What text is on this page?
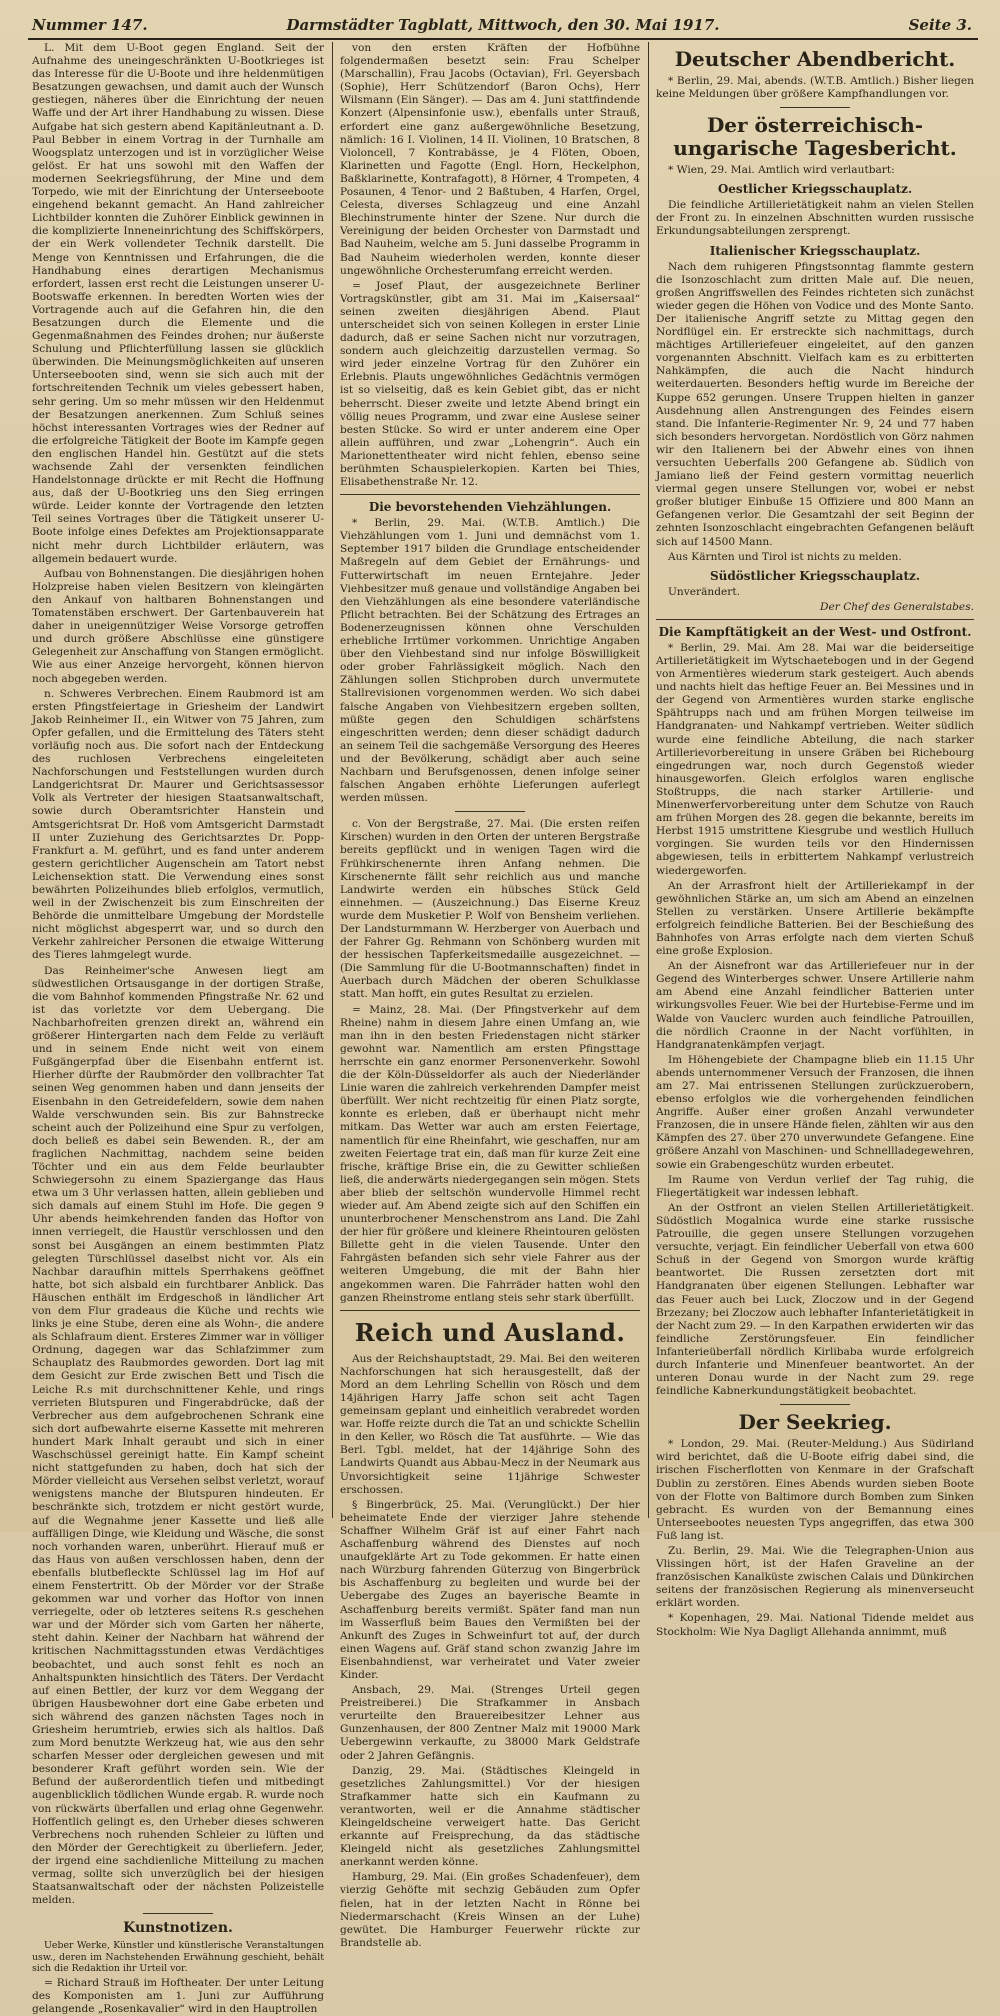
Nummer 147.	Darmstädter Tagblatt, Mittwoch, den 30. Mai 1917.	Seite 3.

L. Mit dem U-Boot gegen England. Seit der Aufnahme des uneingeschränkten U-Bootkrieges ist das Interesse für die U-Boote und ihre heldenmütigen Besatzungen gewachsen, und damit auch der Wunsch gestiegen, näheres über die Einrichtung der neuen Waffe und der Art ihrer Handhabung zu wissen. Diese Aufgabe hat sich gestern abend Kapitänleutnant a. D. Paul Bebber in einem Vortrag in der Turnhalle am Woogsplatz unterzogen und ist in vorzüglicher Weise gelöst. Er hat uns sowohl mit den Waffen der modernen Seekriegsführung, der Mine und dem Torpedo, wie mit der Einrichtung der Unterseeboote eingehend bekannt gemacht. An Hand zahlreicher Lichtbilder konnten die Zuhörer Einblick gewinnen in die komplizierte Inneneinrichtung des Schiffskörpers, der ein Werk vollendeter Technik darstellt. Die Menge von Kenntnissen und Erfahrungen, die die Handhabung eines derartigen Mechanismus erfordert, lassen erst recht die Leistungen unserer U-Bootswaffe erkennen. In beredten Worten wies der Vortragende auch auf die Gefahren hin, die den Besatzungen durch die Elemente und die Gegenmaßnahmen des Feindes drohen; nur äußerste Schulung und Pflichterfüllung lassen sie glücklich überwinden. Die Meinungsmöglichkeiten auf unseren Unterseebooten sind, wenn sie sich auch mit der fortschreitenden Technik um vieles gebessert haben, sehr gering. Um so mehr müssen wir den Heldenmut der Besatzungen anerkennen. Zum Schluß seines höchst interessanten Vortrages wies der Redner auf die erfolgreiche Tätigkeit der Boote im Kampfe gegen den englischen Handel hin. Gestützt auf die stets wachsende Zahl der versenkten feindlichen Handelstonnage drückte er mit Recht die Hoffnung aus, daß der U-Bootkrieg uns den Sieg erringen würde. Leider konnte der Vortragende den letzten Teil seines Vortrages über die Tätigkeit unserer U-Boote infolge eines Defektes am Projektionsapparate nicht mehr durch Lichtbilder erläutern, was allgemein bedauert wurde.

Aufbau von Bohnenstangen. Die diesjährigen hohen Holzpreise haben vielen Besitzern von kleingärten den Ankauf von haltbaren Bohnenstangen und Tomatenstäben erschwert. Der Gartenbauverein hat daher in uneigennütziger Weise Vorsorge getroffen und durch größere Abschlüsse eine günstigere Gelegenheit zur Anschaffung von Stangen ermöglicht. Wie aus einer Anzeige hervorgeht, können hiervon noch abgegeben werden.

n. Schweres Verbrechen. Einem Raubmord ist am ersten Pfingstfeiertage in Griesheim der Landwirt Jakob Reinheimer II., ein Witwer von 75 Jahren, zum Opfer gefallen, und die Ermittelung des Täters steht vorläufig noch aus. Die sofort nach der Entdeckung des ruchlosen Verbrechens eingeleiteten Nachforschungen und Feststellungen wurden durch Landgerichtsrat Dr. Maurer und Gerichtsassessor Volk als Vertreter der hiesigen Staatsanwaltschaft, sowie durch Oberamtsrichter Hanstein und Amtsgerichtsrat Dr. Hoß vom Amtsgericht Darmstadt II unter Zuziehung des Gerichtsarztes Dr. Popp-Frankfurt a. M. geführt, und es fand unter anderem gestern gerichtlicher Augenschein am Tatort nebst Leichensektion statt. Die Verwendung eines sonst bewährten Polizeihundes blieb erfolglos, vermutlich, weil in der Zwischenzeit bis zum Einschreiten der Behörde die unmittelbare Umgebung der Mordstelle nicht möglichst abgesperrt war, und so durch den Verkehr zahlreicher Personen die etwaige Witterung des Tieres lahmgelegt wurde.

Das Reinheimer'sche Anwesen liegt am südwestlichen Ortsausgange in der dortigen Straße, die vom Bahnhof kommenden Pfingstraße Nr. 62 und ist das vorletzte vor dem Uebergang. Die Nachbarhofreiten grenzen direkt an, während ein größerer Hintergarten nach dem Felde zu verläuft und in seinem Ende nicht weit von einem Fußgängerpfad über die Eisenbahn entfernt ist. Hierher dürfte der Raubmörder den vollbrachter Tat seinen Weg genommen haben und dann jenseits der Eisenbahn in den Getreidefeldern, sowie dem nahen Walde verschwunden sein. Bis zur Bahnstrecke scheint auch der Polizeihund eine Spur zu verfolgen, doch beließ es dabei sein Bewenden. R., der am fraglichen Nachmittag, nachdem seine beiden Töchter und ein aus dem Felde beurlaubter Schwiegersohn zu einem Spaziergange das Haus etwa um 3 Uhr verlassen hatten, allein geblieben und sich damals auf einem Stuhl im Hofe. Die gegen 9 Uhr abends heimkehrenden fanden das Hoftor von innen verriegelt, die Haustür verschlossen und den sonst bei Ausgängen an einem bestimmten Platz gelegten Türschlüssel daselbst nicht vor. Als ein Nachbar daraufhin mittels Sperrhakens geöffnet hatte, bot sich alsbald ein furchtbarer Anblick. Das Häuschen enthält im Erdgeschoß in ländlicher Art von dem Flur gradeaus die Küche und rechts wie links je eine Stube, deren eine als Wohn-, die andere als Schlafraum dient. Ersteres Zimmer war in völliger Ordnung, dagegen war das Schlafzimmer zum Schauplatz des Raubmordes geworden. Dort lag mit dem Gesicht zur Erde zwischen Bett und Tisch die Leiche R.s mit durchschnittener Kehle, und rings verrieten Blutspuren und Fingerabdrücke, daß der Verbrecher aus dem aufgebrochenen Schrank eine sich dort aufbewahrte eiserne Kassette mit mehreren hundert Mark Inhalt geraubt und sich in einer Waschschüssel gereinigt hatte. Ein Kampf scheint nicht stattgefunden zu haben, doch hat sich der Mörder vielleicht aus Versehen selbst verletzt, worauf wenigstens manche der Blutspuren hindeuten. Er beschränkte sich, trotzdem er nicht gestört wurde, auf die Wegnahme jener Kassette und ließ alle auffälligen Dinge, wie Kleidung und Wäsche, die sonst noch vorhanden waren, unberührt. Hierauf muß er das Haus von außen verschlossen haben, denn der ebenfalls blutbefleckte Schlüssel lag im Hof auf einem Fenstertritt. Ob der Mörder vor der Straße gekommen war und vorher das Hoftor von innen verriegelte, oder ob letzteres seitens R.s geschehen war und der Mörder sich vom Garten her näherte, steht dahin. Keiner der Nachbarn hat während der kritischen Nachmittagsstunden etwas Verdächtiges beobachtet, und auch sonst fehlt es noch an Anhaltspunkten hinsichtlich des Täters. Der Verdacht auf einen Bettler, der kurz vor dem Weggang der übrigen Hausbewohner dort eine Gabe erbeten und sich während des ganzen nächsten Tages noch in Griesheim herumtrieb, erwies sich als haltlos. Daß zum Mord benutzte Werkzeug hat, wie aus den sehr scharfen Messer oder dergleichen gewesen und mit besonderer Kraft geführt worden sein. Wie der Befund der außerordentlich tiefen und mitbedingt augenblicklich tödlichen Wunde ergab. R. wurde noch von rückwärts überfallen und erlag ohne Gegenwehr. Hoffentlich gelingt es, den Urheber dieses schweren Verbrechens noch ruhenden Schleier zu lüften und den Mörder der Gerechtigkeit zu überliefern. Jeder, der irgend eine sachdienliche Mitteilung zu machen vermag, sollte sich unverzüglich bei der hiesigen Staatsanwaltschaft oder der nächsten Polizeistelle melden.

Kunstnotizen.

Ueber Werke, Künstler und künstlerische Veranstaltungen usw., deren im Nachstehenden Erwähnung geschieht, behält sich die Redaktion ihr Urteil vor.

= Richard Strauß im Hoftheater. Der unter Leitung des Komponisten am 1. Juni zur Aufführung gelangende „Rosenkavalier“ wird in den Hauptrollen

von den ersten Kräften der Hofbühne folgendermaßen besetzt sein: Frau Schelper (Marschallin), Frau Jacobs (Octavian), Frl. Geyersbach (Sophie), Herr Schützendorf (Baron Ochs), Herr Wilsmann (Ein Sänger). — Das am 4. Juni stattfindende Konzert (Alpensinfonie usw.), ebenfalls unter Strauß, erfordert eine ganz außergewöhnliche Besetzung, nämlich: 16 I. Violinen, 14 II. Violinen, 10 Bratschen, 8 Violoncell, 7 Kontrabässe, je 4 Flöten, Oboen, Klarinetten und Fagotte (Engl. Horn, Heckelphon, Baßklarinette, Kontrafagott), 8 Hörner, 4 Trompeten, 4 Posaunen, 4 Tenor- und 2 Baßtuben, 4 Harfen, Orgel, Celesta, diverses Schlagzeug und eine Anzahl Blechinstrumente hinter der Szene. Nur durch die Vereinigung der beiden Orchester von Darmstadt und Bad Nauheim, welche am 5. Juni dasselbe Programm in Bad Nauheim wiederholen werden, konnte dieser ungewöhnliche Orchesterumfang erreicht werden.

= Josef Plaut, der ausgezeichnete Berliner Vortragskünstler, gibt am 31. Mai im „Kaisersaal“ seinen zweiten diesjährigen Abend. Plaut unterscheidet sich von seinen Kollegen in erster Linie dadurch, daß er seine Sachen nicht nur vorzutragen, sondern auch gleichzeitig darzustellen vermag. So wird jeder einzelne Vortrag für den Zuhörer ein Erlebnis. Plauts ungewöhnliches Gedächtnis vermögen ist so vielseitig, daß es kein Gebiet gibt, das er nicht beherrscht. Dieser zweite und letzte Abend bringt ein völlig neues Programm, und zwar eine Auslese seiner besten Stücke. So wird er unter anderem eine Oper allein aufführen, und zwar „Lohengrin“. Auch ein Marionettentheater wird nicht fehlen, ebenso seine berühmten Schauspielerkopien. Karten bei Thies, Elisabethenstraße Nr. 12.

Die bevorstehenden Viehzählungen.

* Berlin, 29. Mai. (W.T.B. Amtlich.) Die Viehzählungen vom 1. Juni und demnächst vom 1. September 1917 bilden die Grundlage entscheidender Maßregeln auf dem Gebiet der Ernährungs- und Futterwirtschaft im neuen Erntejahre. Jeder Viehbesitzer muß genaue und vollständige Angaben bei den Viehzählungen als eine besondere vaterländische Pflicht betrachten. Bei der Schätzung des Ertrages an Bodenerzeugnissen können ohne Verschulden erhebliche Irrtümer vorkommen. Unrichtige Angaben über den Viehbestand sind nur infolge Böswilligkeit oder grober Fahrlässigkeit möglich. Nach den Zählungen sollen Stichproben durch unvermutete Stallrevisionen vorgenommen werden. Wo sich dabei falsche Angaben von Viehbesitzern ergeben sollten, müßte gegen den Schuldigen schärfstens eingeschritten werden; denn dieser schädigt dadurch an seinem Teil die sachgemäße Versorgung des Heeres und der Bevölkerung, schädigt aber auch seine Nachbarn und Berufsgenossen, denen infolge seiner falschen Angaben erhöhte Lieferungen auferlegt werden müssen.

c. Von der Bergstraße, 27. Mai. (Die ersten reifen Kirschen) wurden in den Orten der unteren Bergstraße bereits gepflückt und in wenigen Tagen wird die Frühkirschenernte ihren Anfang nehmen. Die Kirschenernte fällt sehr reichlich aus und manche Landwirte werden ein hübsches Stück Geld einnehmen. — (Auszeichnung.) Das Eiserne Kreuz wurde dem Musketier P. Wolf von Bensheim verliehen. Der Landsturmmann W. Herzberger von Auerbach und der Fahrer Gg. Rehmann von Schönberg wurden mit der hessischen Tapferkeitsmedaille ausgezeichnet. — (Die Sammlung für die U-Bootmannschaften) findet in Auerbach durch Mädchen der oberen Schulklasse statt. Man hofft, ein gutes Resultat zu erzielen.

= Mainz, 28. Mai. (Der Pfingstverkehr auf dem Rheine) nahm in diesem Jahre einen Umfang an, wie man ihn in den besten Friedenstagen nicht stärker gewohnt war. Namentlich am ersten Pfingsttage herrschte ein ganz enormer Personenverkehr. Sowohl die der Köln-Düsseldorfer als auch der Niederländer Linie waren die zahlreich verkehrenden Dampfer meist überfüllt. Wer nicht rechtzeitig für einen Platz sorgte, konnte es erleben, daß er überhaupt nicht mehr mitkam. Das Wetter war auch am ersten Feiertage, namentlich für eine Rheinfahrt, wie geschaffen, nur am zweiten Feiertage trat ein, daß man für kurze Zeit eine frische, kräftige Brise ein, die zu Gewitter schließen ließ, die anderwärts niedergegangen sein mögen. Stets aber blieb der seltschön wundervolle Himmel recht wieder auf. Am Abend zeigte sich auf den Schiffen ein ununterbrochener Menschenstrom ans Land. Die Zahl der hier für größere und kleinere Rheintouren gelösten Billette geht in die vielen Tausende. Unter den Fahrgästen befanden sich sehr viele Fahrer aus der weiteren Umgebung, die mit der Bahn hier angekommen waren. Die Fahrräder hatten wohl den ganzen Rheinstrome entlang steis sehr stark überfüllt.

Reich und Ausland.

Aus der Reichshauptstadt, 29. Mai. Bei den weiteren Nachforschungen hat sich herausgestellt, daß der Mord an dem Lehrling Schellin von Rösch und dem 14jährigen Harry Jaffe schon seit acht Tagen gemeinsam geplant und einheitlich verabredet worden war. Hoffe reizte durch die Tat an und schickte Schellin in den Keller, wo Rösch die Tat ausführte. — Wie das Berl. Tgbl. meldet, hat der 14jährige Sohn des Landwirts Quandt aus Abbau-Mecz in der Neumark aus Unvorsichtigkeit seine 11jährige Schwester erschossen.

§ Bingerbrück, 25. Mai. (Verunglückt.) Der hier beheimatete Ende der vierziger Jahre stehende Schaffner Wilhelm Gräf ist auf einer Fahrt nach Aschaffenburg während des Dienstes auf noch unaufgeklärte Art zu Tode gekommen. Er hatte einen nach Würzburg fahrenden Güterzug von Bingerbrück bis Aschaffenburg zu begleiten und wurde bei der Uebergabe des Zuges an bayerische Beamte in Aschaffenburg bereits vermißt. Später fand man nun im Wasserfluß beim Baues den Vermißten bei der Ankunft des Zuges in Schweinfurt tot auf, der durch einen Wagens auf. Gräf stand schon zwanzig Jahre im Eisenbahndienst, war verheiratet und Vater zweier Kinder.

Ansbach, 29. Mai. (Strenges Urteil gegen Preistreiberei.) Die Strafkammer in Ansbach verurteilte den Brauereibesitzer Lehner aus Gunzenhausen, der 800 Zentner Malz mit 19000 Mark Uebergewinn verkaufte, zu 38000 Mark Geldstrafe oder 2 Jahren Gefängnis.

Danzig, 29. Mai. (Städtisches Kleingeld in gesetzliches Zahlungsmittel.) Vor der hiesigen Strafkammer hatte sich ein Kaufmann zu verantworten, weil er die Annahme städtischer Kleingeldscheine verweigert hatte. Das Gericht erkannte auf Freisprechung, da das städtische Kleingeld nicht als gesetzliches Zahlungsmittel anerkannt werden könne.

Hamburg, 29. Mai. (Ein großes Schadenfeuer), dem vierzig Gehöfte mit sechzig Gebäuden zum Opfer fielen, hat in der letzten Nacht in Rönne bei Niedermarschacht (Kreis Winsen an der Luhe) gewütet. Die Hamburger Feuerwehr rückte zur Brandstelle ab.

Deutscher Abendbericht.

* Berlin, 29. Mai, abends. (W.T.B. Amtlich.) Bisher liegen keine Meldungen über größere Kampfhandlungen vor.

Der österreichisch-ungarische Tagesbericht.

* Wien, 29. Mai. Amtlich wird verlautbart:

Oestlicher Kriegsschauplatz.

Die feindliche Artillerietätigkeit nahm an vielen Stellen der Front zu. In einzelnen Abschnitten wurden russische Erkundungsabteilungen zersprengt.

Italienischer Kriegsschauplatz.

Nach dem ruhigeren Pfingstsonntag flammte gestern die Isonzoschlacht zum dritten Male auf. Die neuen, großen Angriffswellen des Feindes richteten sich zunächst wieder gegen die Höhen von Vodice und des Monte Santo. Der italienische Angriff setzte zu Mittag gegen den Nordflügel ein. Er erstreckte sich nachmittags, durch mächtiges Artilleriefeuer eingeleitet, auf den ganzen vorgenannten Abschnitt. Vielfach kam es zu erbitterten Nahkämpfen, die auch die Nacht hindurch weiterdauerten. Besonders heftig wurde im Bereiche der Kuppe 652 gerungen. Unsere Truppen hielten in ganzer Ausdehnung allen Anstrengungen des Feindes eisern stand. Die Infanterie-Regimenter Nr. 9, 24 und 77 haben sich besonders hervorgetan. Nordöstlich von Görz nahmen wir den Italienern bei der Abwehr eines von ihnen versuchten Ueberfalls 200 Gefangene ab. Südlich von Jamiano ließ der Feind gestern vormittag neuerlich viermal gegen unsere Stellungen vor, wobei er nebst großer blutiger Einbuße 15 Offiziere und 800 Mann an Gefangenen verlor. Die Gesamtzahl der seit Beginn der zehnten Isonzoschlacht eingebrachten Gefangenen beläuft sich auf 14500 Mann.

Aus Kärnten und Tirol ist nichts zu melden.

Südöstlicher Kriegsschauplatz.

Unverändert.

Der Chef des Generalstabes.

Die Kampftätigkeit an der West- und Ostfront.

* Berlin, 29. Mai. Am 28. Mai war die beiderseitige Artillerietätigkeit im Wytschaetebogen und in der Gegend von Armentières wiederum stark gesteigert. Auch abends und nachts hielt das heftige Feuer an. Bei Messines und in der Gegend von Armentières wurden starke englische Spähtrupps nach und am frühen Morgen teilweise im Handgranaten- und Nahkampf vertrieben. Weiter südlich wurde eine feindliche Abteilung, die nach starker Artillerievorbereitung in unsere Gräben bei Richebourg eingedrungen war, noch durch Gegenstoß wieder hinausgeworfen. Gleich erfolglos waren englische Stoßtrupps, die nach starker Artillerie- und Minenwerfervorbereitung unter dem Schutze von Rauch am frühen Morgen des 28. gegen die bekannte, bereits im Herbst 1915 umstrittene Kiesgrube und westlich Hulluch vorgingen. Sie wurden teils vor den Hindernissen abgewiesen, teils in erbittertem Nahkampf verlustreich wiedergeworfen.

An der Arrasfront hielt der Artilleriekampf in der gewöhnlichen Stärke an, um sich am Abend an einzelnen Stellen zu verstärken. Unsere Artillerie bekämpfte erfolgreich feindliche Batterien. Bei der Beschießung des Bahnhofes von Arras erfolgte nach dem vierten Schuß eine große Explosion.

An der Aisnefront war das Artilleriefeuer nur in der Gegend des Winterberges schwer. Unsere Artillerie nahm am Abend eine Anzahl feindlicher Batterien unter wirkungsvolles Feuer. Wie bei der Hurtebise-Ferme und im Walde von Vauclerc wurden auch feindliche Patrouillen, die nördlich Craonne in der Nacht vorfühlten, in Handgranatenkämpfen verjagt.

Im Höhengebiete der Champagne blieb ein 11.15 Uhr abends unternommener Versuch der Franzosen, die ihnen am 27. Mai entrissenen Stellungen zurückzuerobern, ebenso erfolglos wie die vorhergehenden feindlichen Angriffe. Außer einer großen Anzahl verwundeter Franzosen, die in unsere Hände fielen, zählten wir aus den Kämpfen des 27. über 270 unverwundete Gefangene. Eine größere Anzahl von Maschinen- und Schnellladegewehren, sowie ein Grabengeschütz wurden erbeutet.

Im Raume von Verdun verlief der Tag ruhig, die Fliegertätigkeit war indessen lebhaft.

An der Ostfront an vielen Stellen Artillerietätigkeit. Südöstlich Mogalnica wurde eine starke russische Patrouille, die gegen unsere Stellungen vorzugehen versuchte, verjagt. Ein feindlicher Ueberfall von etwa 600 Schuß in der Gegend von Smorgon wurde kräftig beantwortet. Die Russen zersetzten dort mit Handgranaten über eigenen Stellungen. Lebhafter war das Feuer auch bei Luck, Zloczow und in der Gegend Brzezany; bei Zloczow auch lebhafter Infanterietätigkeit in der Nacht zum 29. — In den Karpathen erwiderten wir das feindliche Zerstörungsfeuer. Ein feindlicher Infanterieüberfall nördlich Kirlibaba wurde erfolgreich durch Infanterie und Minenfeuer beantwortet. An der unteren Donau wurde in der Nacht zum 29. rege feindliche Kabnerkundungstätigkeit beobachtet.

Der Seekrieg.

* London, 29. Mai. (Reuter-Meldung.) Aus Südirland wird berichtet, daß die U-Boote eifrig dabei sind, die irischen Fischerflotten von Kenmare in der Grafschaft Dublin zu zerstören. Eines Abends wurden sieben Boote von der Flotte von Baltimore durch Bomben zum Sinken gebracht. Es wurden von der Bemannung eines Unterseebootes neuesten Typs angegriffen, das etwa 300 Fuß lang ist.

Zu. Berlin, 29. Mai. Wie die Telegraphen-Union aus Vlissingen hört, ist der Hafen Graveline an der französischen Kanalküste zwischen Calais und Dünkirchen seitens der französischen Regierung als minenverseucht erklärt worden.

* Kopenhagen, 29. Mai. National Tidende meldet aus Stockholm: Wie Nya Dagligt Allehanda annimmt, muß
